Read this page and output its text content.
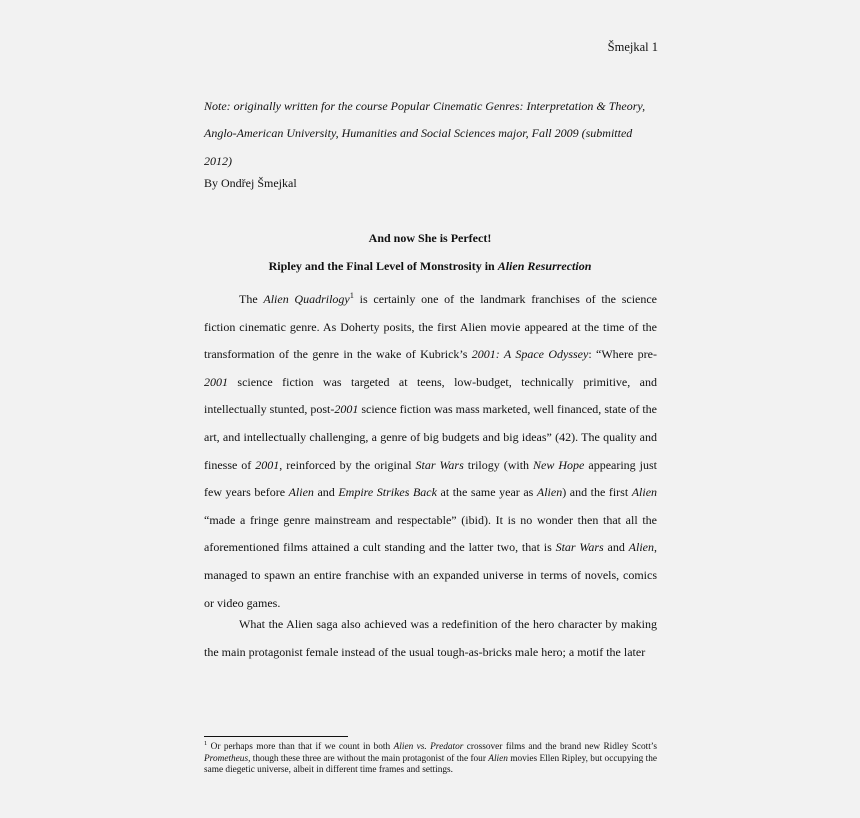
Šmejkal 1
Note: originally written for the course Popular Cinematic Genres: Interpretation & Theory, Anglo-American University, Humanities and Social Sciences major, Fall 2009 (submitted 2012)
By Ondřej Šmejkal
And now She is Perfect!
Ripley and the Final Level of Monstrosity in Alien Resurrection
The Alien Quadrilogy$^1$ is certainly one of the landmark franchises of the science fiction cinematic genre. As Doherty posits, the first Alien movie appeared at the time of the transformation of the genre in the wake of Kubrick’s 2001: A Space Odyssey: “Where pre-2001 science fiction was targeted at teens, low-budget, technically primitive, and intellectually stunted, post-2001 science fiction was mass marketed, well financed, state of the art, and intellectually challenging, a genre of big budgets and big ideas” (42). The quality and finesse of 2001, reinforced by the original Star Wars trilogy (with New Hope appearing just few years before Alien and Empire Strikes Back at the same year as Alien) and the first Alien “made a fringe genre mainstream and respectable” (ibid). It is no wonder then that all the aforementioned films attained a cult standing and the latter two, that is Star Wars and Alien, managed to spawn an entire franchise with an expanded universe in terms of novels, comics or video games.
What the Alien saga also achieved was a redefinition of the hero character by making the main protagonist female instead of the usual tough-as-bricks male hero; a motif the later
$^1$ Or perhaps more than that if we count in both Alien vs. Predator crossover films and the brand new Ridley Scott’s Prometheus, though these three are without the main protagonist of the four Alien movies Ellen Ripley, but occupying the same diegetic universe, albeit in different time frames and settings.
